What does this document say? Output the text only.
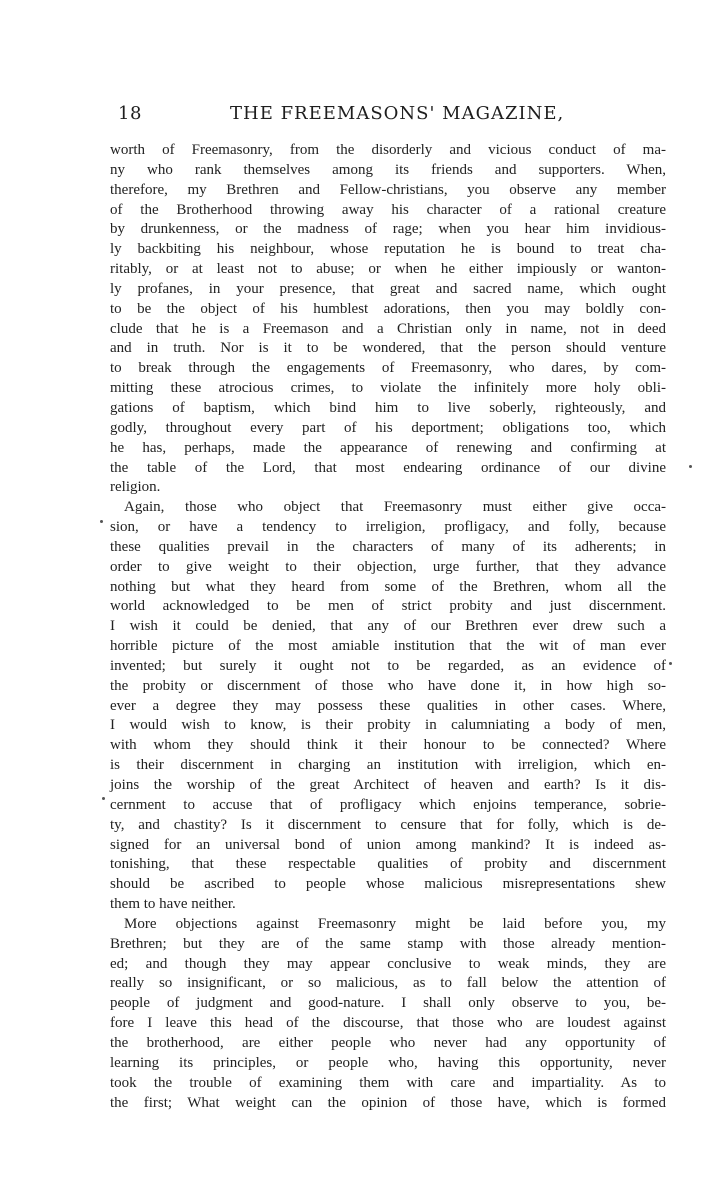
18	THE FREEMASONS' MAGAZINE,
worth of Freemasonry, from the disorderly and vicious conduct of ma-
ny who rank themselves among its friends and supporters. When,
therefore, my Brethren and Fellow-christians, you observe any member
of the Brotherhood throwing away his character of a rational creature
by drunkenness, or the madness of rage; when you hear him invidious-
ly backbiting his neighbour, whose reputation he is bound to treat cha-
ritably, or at least not to abuse; or when he either impiously or wanton-
ly profanes, in your presence, that great and sacred name, which ought
to be the object of his humblest adorations, then you may boldly con-
clude that he is a Freemason and a Christian only in name, not in deed
and in truth. Nor is it to be wondered, that the person should venture
to break through the engagements of Freemasonry, who dares, by com-
mitting these atrocious crimes, to violate the infinitely more holy obli-
gations of baptism, which bind him to live soberly, righteously, and
godly, throughout every part of his deportment; obligations too, which
he has, perhaps, made the appearance of renewing and confirming at
the table of the Lord, that most endearing ordinance of our divine
religion.
Again, those who object that Freemasonry must either give occa-
sion, or have a tendency to irreligion, profligacy, and folly, because
these qualities prevail in the characters of many of its adherents; in
order to give weight to their objection, urge further, that they advance
nothing but what they heard from some of the Brethren, whom all the
world acknowledged to be men of strict probity and just discernment.
I wish it could be denied, that any of our Brethren ever drew such a
horrible picture of the most amiable institution that the wit of man ever
invented; but surely it ought not to be regarded, as an evidence of
the probity or discernment of those who have done it, in how high so-
ever a degree they may possess these qualities in other cases. Where,
I would wish to know, is their probity in calumniating a body of men,
with whom they should think it their honour to be connected? Where
is their discernment in charging an institution with irreligion, which en-
joins the worship of the great Architect of heaven and earth? Is it dis-
cernment to accuse that of profligacy which enjoins temperance, sobrie-
ty, and chastity? Is it discernment to censure that for folly, which is de-
signed for an universal bond of union among mankind? It is indeed as-
tonishing, that these respectable qualities of probity and discernment
should be ascribed to people whose malicious misrepresentations shew
them to have neither.
More objections against Freemasonry might be laid before you, my
Brethren; but they are of the same stamp with those already mention-
ed; and though they may appear conclusive to weak minds, they are
really so insignificant, or so malicious, as to fall below the attention of
people of judgment and good-nature. I shall only observe to you, be-
fore I leave this head of the discourse, that those who are loudest against
the brotherhood, are either people who never had any opportunity of
learning its principles, or people who, having this opportunity, never
took the trouble of examining them with care and impartiality. As to
the first; What weight can the opinion of those have, which is formed
